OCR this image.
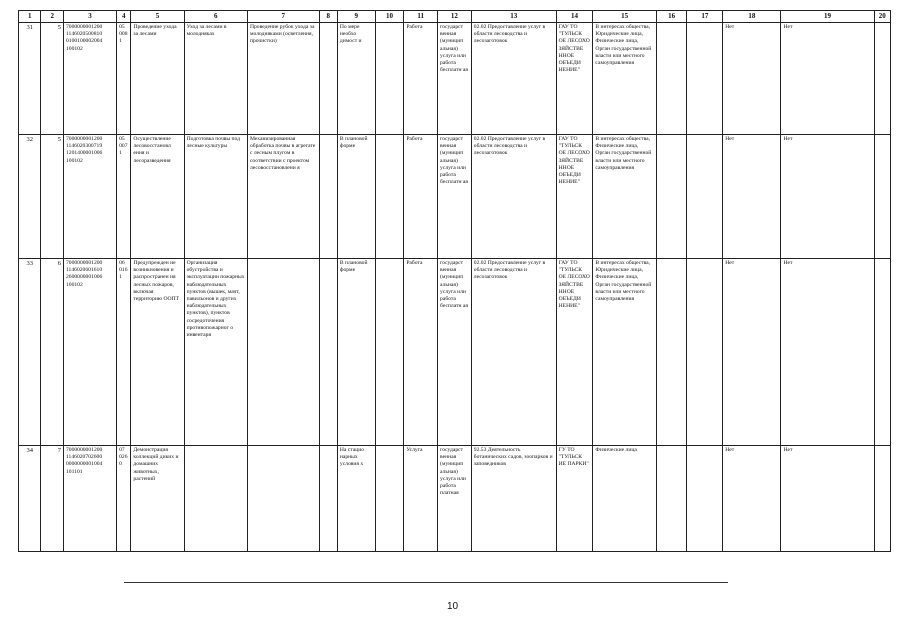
1	2	3	4	5	6	7	8	9	10	11	12	13	14	15	16	17	18	19	20
31	5	7000000001200 1146020500810 0100100002004 100102	05 008 1	Проведение ухода за лесами	Уход за лесами в молодняках	Проведение рубок ухода за молодняками (осветления, прочистки)		По мере необхо димост и		Работа	государст венная (муницип альная) услуга или работа бесплатн ая	02.02 Предоставление услуг в области лесоводства и лесозаготовок	ГАУ ТО "ТУЛЬСК ОЕ ЛЕСОХО ЗЯЙСТВЕ ННОЕ ОБЪЕДИ НЕНИЕ"	В интересах общества, Юридические лица, Физические лица, Орган государственной власти или местного самоуправления			Нет	Нет	
32	5	7000000001200 1146020300719 1201400001006 100102	05 007 1	Осуществление лесовосстановл ения и лесоразведения	Подготовка почвы под лесные культуры	Механизированная обработка почвы в агрегате с лесным плугом в соответствии с проектом лесовосстановлени я		В плановой форме		Работа	государст венная (муницип альная) услуга или работа бесплатн ая	02.02 Предоставление услуг в области лесоводства и лесозаготовок	ГАУ ТО "ТУЛЬСК ОЕ ЛЕСОХО ЗЯЙСТВЕ ННОЕ ОБЪЕДИ НЕНИЕ"	В интересах общества, Физические лица, Орган государственной власти или местного самоуправления			Нет	Нет	
33	6	7000000001200 1146020601610 2600000001006 100102	06 016 1	Предупрежден ие возникновения и распространен ия лесных пожаров, включая территорию ООПТ	Организация обустройства и эксплуатации пожарных наблюдательных пунктов (вышек, мачт, павильонов и других наблюдательных пунктов), пунктов сосредоточения противопожарног о инвентаря			В плановой форме		Работа	государст венная (муницип альная) услуга или работа бесплатн ая	02.02 Предоставление услуг в области лесоводства и лесозаготовок	ГАУ ТО "ТУЛЬСК ОЕ ЛЕСОХО ЗЯЙСТВЕ ННОЕ ОБЪЕДИ НЕНИЕ"	В интересах общества, Юридические лица, Физические лица, Орган государственной власти или местного самоуправления			Нет	Нет	
34	7	7000000001200 1146020702600 0000000001004 101101	07 026 0	Демонстрация коллекций диких и домашних животных, растений				На стацио нарных условия х		Услуга	государст венная (муницип альная) услуга или работа платная	92.53 Деятельность ботанических садов, зоопарков и заповедников	ГУ ТО "ТУЛЬСК ИЕ ПАРКИ"	Физические лица			Нет	Нет	
10
